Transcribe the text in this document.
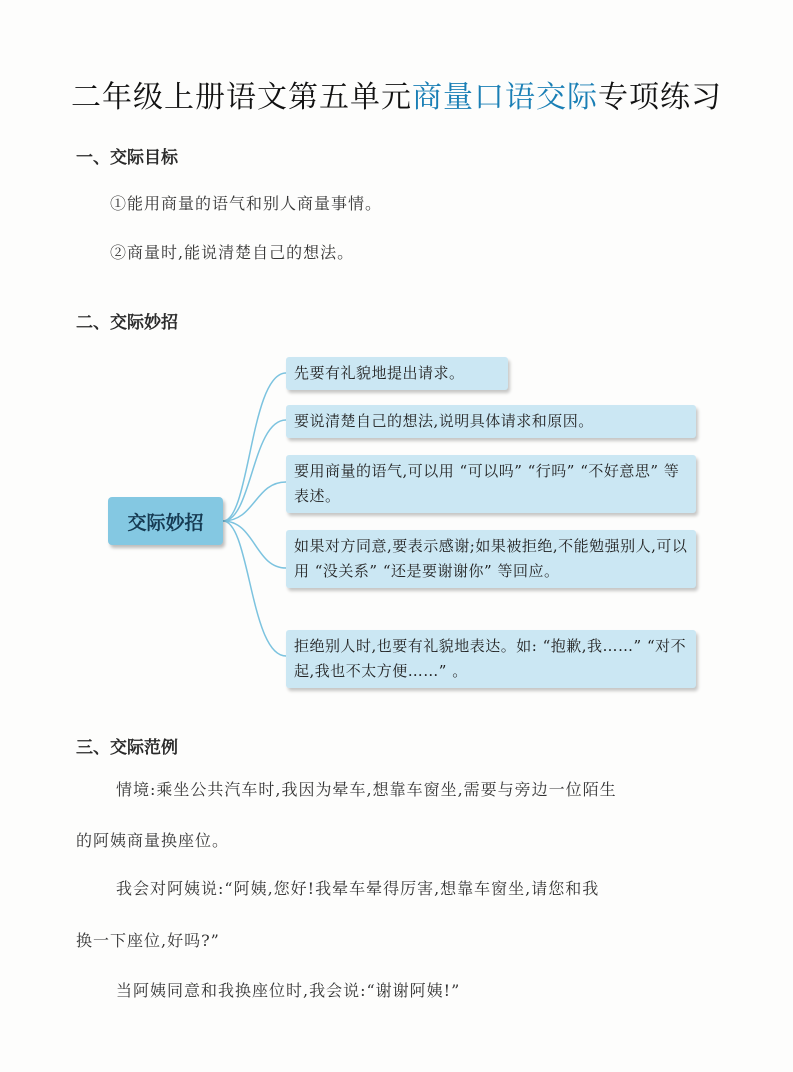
二年级上册语文第五单元商量口语交际专项练习
一、交际目标
①能用商量的语气和别人商量事情。
②商量时,能说清楚自己的想法。
二、交际妙招
交际妙招
先要有礼貌地提出请求。
要说清楚自己的想法,说明具体请求和原因。
要用商量的语气,可以用 “可以吗” “行吗” “不好意思” 等表述。
如果对方同意,要表示感谢;如果被拒绝,不能勉强别人,可以用 “没关系” “还是要谢谢你” 等回应。
拒绝别人时,也要有礼貌地表达。如: “抱歉,我……” “对不起,我也不太方便……” 。
三、交际范例
情境:乘坐公共汽车时,我因为晕车,想靠车窗坐,需要与旁边一位陌生
的阿姨商量换座位。
我会对阿姨说:“阿姨,您好!我晕车晕得厉害,想靠车窗坐,请您和我
换一下座位,好吗?”
当阿姨同意和我换座位时,我会说:“谢谢阿姨!”
